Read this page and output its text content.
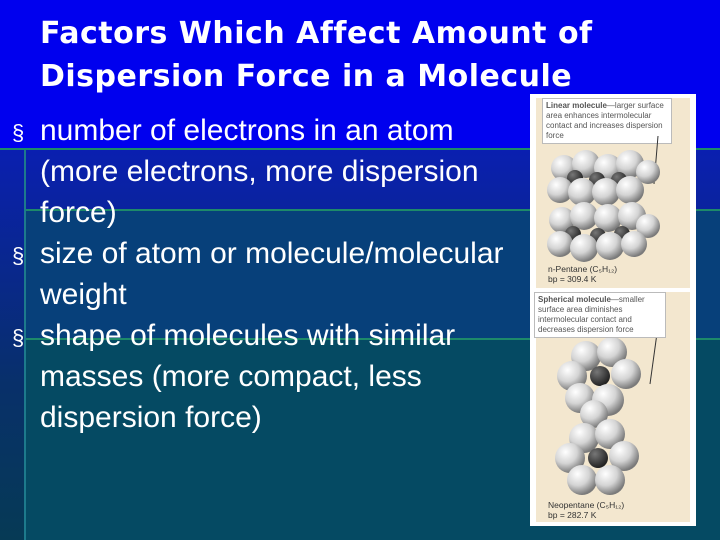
Factors Which Affect Amount of
Dispersion Force in a Molecule
§ number of electrons in an atom (more electrons, more dispersion force)
§ size of atom or molecule/molecular weight
§ shape of molecules with similar masses (more compact, less dispersion force)
Linear molecule—larger surface area enhances intermolecular contact and increases dispersion force
n-Pentane (C₅H₁₂)
bp = 309.4 K
Spherical molecule—smaller surface area diminishes intermolecular contact and decreases dispersion force
Neopentane (C₅H₁₂)
bp = 282.7 K
